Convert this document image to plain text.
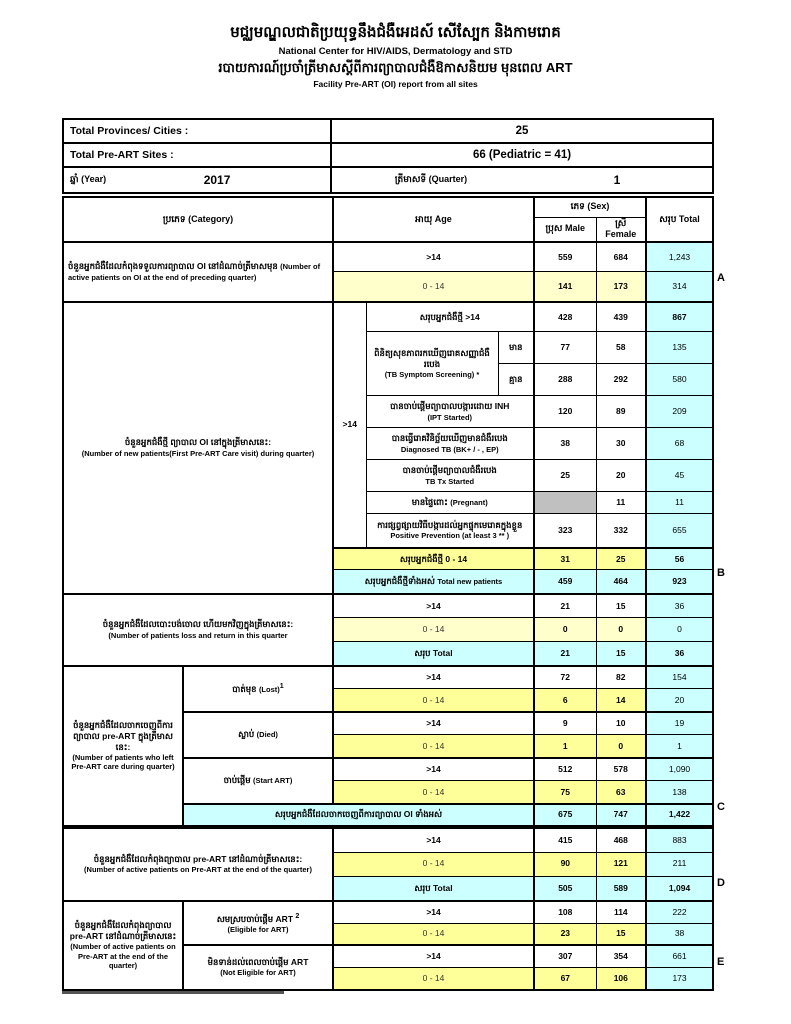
មជ្ឈមណ្ឌលជាតិប្រយុទ្ធនឹងជំងឺអេដស៍ សើស្បែក និងកាមរោគ
National Center for HIV/AIDS, Dermatology and STD
របាយការណ៍ប្រចាំត្រីមាសស្តីពីការព្យាបាលជំងឺឱកាសនិយម មុនពេល ART
Facility Pre-ART (OI) report from all sites
Total Provinces/ Cities :	25
Total Pre-ART Sites :	66 (Pediatric = 41)

ឆ្នាំ (Year) 2017	ត្រីមាសទី (Quarter) 1
ប្រភេទ (Category)		អាយុ Age			ភេទ (Sex)		សរុប Total
					ប្រុស Male	ស្រី Female	
ចំនួនអ្នកជំងឺដែលកំពុងទទួលការព្យាបាល OI នៅដំណាច់ត្រីមាសមុន (Number of active patients on OI at the end of preceding quarter)		>14			559	684	1,243
		0 - 14			141	173	314

ចំនួនអ្នកជំងឺថ្មី ព្យាបាល OI នៅក្នុងត្រីមាសនេះ:
(Number of new patients(First Pre-ART Care visit) during quarter)		>14	សរុបអ្នកជំងឺថ្មី >14		428	439	867

			ពិនិត្យសុខភាពរកឃើញរោគសញ្ញាជំងឺរបេង
(TB Symptom Screening) *	មាន	77	58	135
				គ្មាន	288	292	580

			បានចាប់ផ្តើមព្យាបាលបង្ការដោយ INH
(IPT Started)		120	89	209

			បានធ្វើរោគវិនិច្ឆ័យឃើញមានជំងឺរបេង
Diagnosed TB (BK+ / - , EP)		38	30	68

			បានចាប់ផ្តើមព្យាបាលជំងឺរបេង
TB Tx Started		25	20	45
			មានផ្ទៃពោះ (Pregnant)			11	11

			ការផ្សព្វផ្សាយវិធីបង្ការដល់អ្នកផ្ទុកមេរោគក្នុងខ្លួន
Positive Prevention (at least 3 ** )		323	332	655
		សរុបអ្នកជំងឺថ្មី 0 - 14			31	25	56
		សរុបអ្នកជំងឺថ្មីទាំងអស់ Total new patients			459	464	923

ចំនួនអ្នកជំងឺដែលបោះបង់ចោល ហើយមកវិញក្នុងត្រីមាសនេះ:
(Number of patients loss and return in this quarter		>14			21	15	36
		0 - 14			0	0	0
		សរុប Total			21	15	36

ចំនួនអ្នកជំងឺដែលចាកចេញពីការ ព្យាបាល pre-ART ក្នុងត្រីមាសនេះ:
(Number of patients who left Pre-ART care during quarter)	បាត់មុខ (Lost)$^1$	>14			72	82	154
		0 - 14			6	14	20
	ស្លាប់ (Died)	>14			9	10	19
		0 - 14			1	0	1
	ចាប់ផ្តើម (Start ART)	>14			512	578	1,090
		0 - 14			75	63	138
	សរុបអ្នកជំងឺដែលចាកចេញពីការព្យាបាល OI ទាំងអស់				675	747	1,422
ចំនួនអ្នកជំងឺដែលកំពុងព្យាបាល pre-ART នៅដំណាច់ត្រីមាសនេះ:
(Number of active patients on Pre-ART at the end of the quarter)		>14	415	468	883
		0 - 14	90	121	211
		សរុប Total	505	589	1,094

ចំនួនអ្នកជំងឺដែលកំពុងព្យាបាល pre-ART នៅដំណាច់ត្រីមាសនេះ
(Number of active patients on Pre-ART at the end of the quarter)	សមស្របចាប់ផ្តើម ART $^2$
(Eligible for ART)	>14	108	114	222
		0 - 14	23	15	38

	មិនទាន់ដល់ពេលចាប់ផ្តើម ART
(Not Eligible for ART)	>14	307	354	661
		0 - 14	67	106	173
A
B
C
D
E
